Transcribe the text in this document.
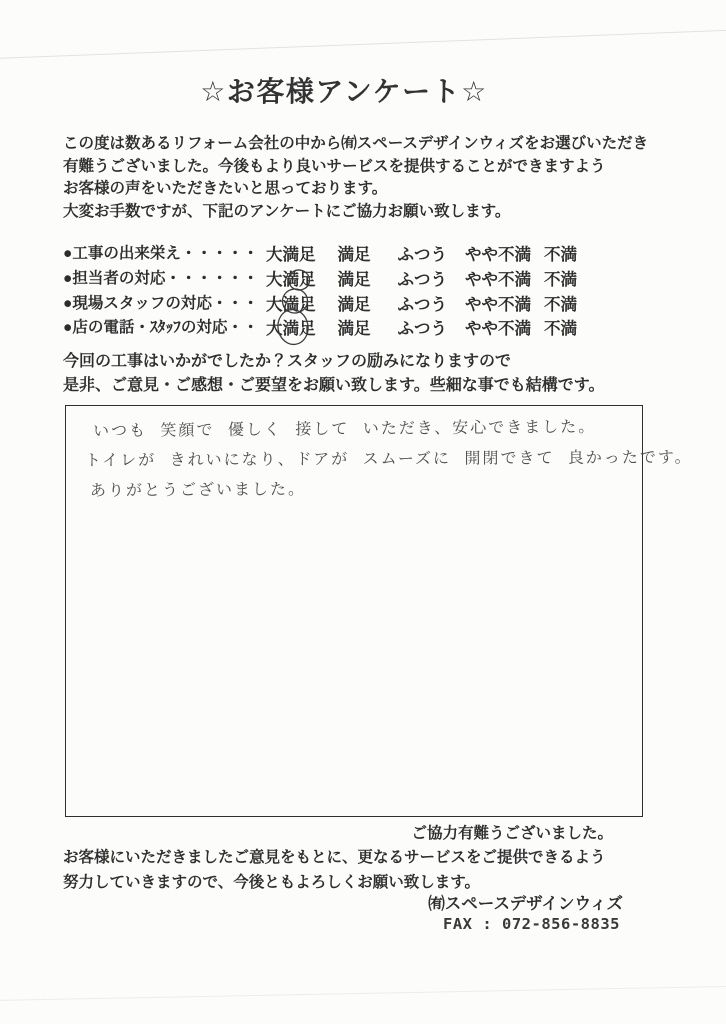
☆お客様アンケート☆
この度は数あるリフォーム会社の中から㈲スペースデザインウィズをお選びいただき
有難うございました。今後もより良いサービスを提供することができますよう
お客様の声をいただきたいと思っております。
大変お手数ですが、下記のアンケートにご協力お願い致します。
●工事の出来栄え・・・・・ 大満足 満足 ふつう やや不満 不満
●担当者の対応・・・・・・ 大満足 満足 ふつう やや不満 不満
●現場スタッフの対応・・・ 大満足 満足 ふつう やや不満 不満
●店の電話・ｽﾀｯﾌの対応・・ 大満足 満足 ふつう やや不満 不満
今回の工事はいかがでしたか？スタッフの励みになりますので
是非、ご意見・ご感想・ご要望をお願い致します。些細な事でも結構です。
いつも 笑顔で 優しく 接して いただき、安心できました。
トイレが きれいになり、ドアが スムーズに 開閉できて 良かったです。
ありがとうございました。
ご協力有難うございました。
お客様にいただきましたご意見をもとに、更なるサービスをご提供できるよう
努力していきますので、今後ともよろしくお願い致します。
㈲スペースデザインウィズ
FAX : 072-856-8835
